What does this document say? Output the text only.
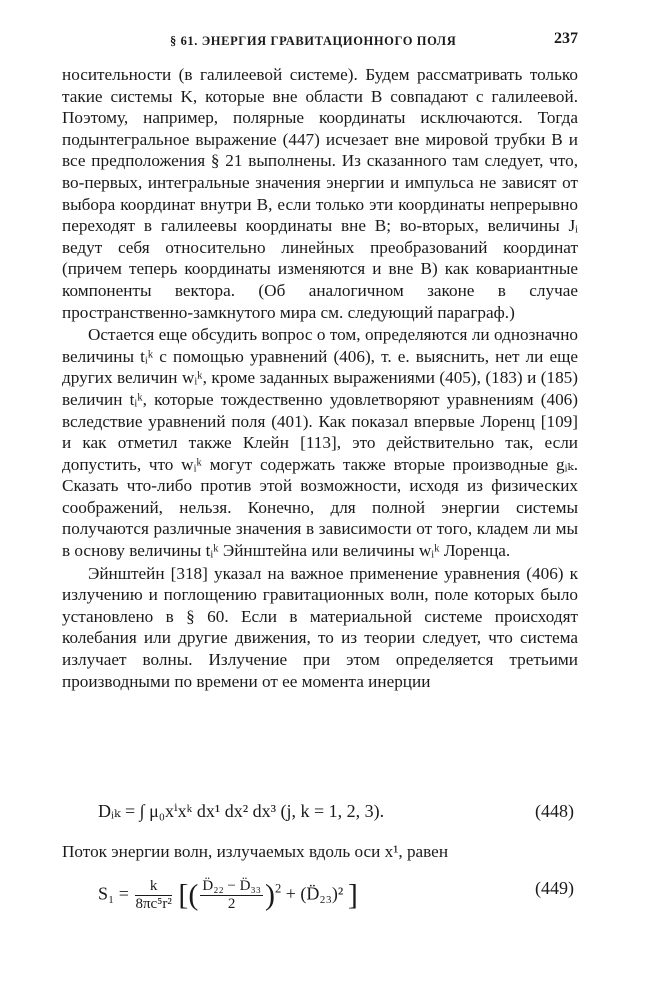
§ 61. ЭНЕРГИЯ ГРАВИТАЦИОННОГО ПОЛЯ	237

носительности (в галилеевой системе). Будем рассматривать только такие системы K, которые вне области B совпадают с галилеевой. Поэтому, например, полярные координаты исключаются. Тогда подынтегральное выражение (447) исчезает вне мировой трубки B и все предположения § 21 выполнены. Из сказанного там следует, что, во-первых, интегральные значения энергии и импульса не зависят от выбора координат внутри B, если только эти координаты непрерывно переходят в галилеевы координаты вне B; во-вторых, величины Jᵢ ведут себя относительно линейных преобразований координат (причем теперь координаты изменяются и вне B) как ковариантные компоненты вектора. (Об аналогичном законе в случае пространственно-замкнутого мира см. следующий параграф.)

Остается еще обсудить вопрос о том, определяются ли однозначно величины tᵢᵏ с помощью уравнений (406), т. е. выяснить, нет ли еще других величин wᵢᵏ, кроме заданных выражениями (405), (183) и (185) величин tᵢᵏ, которые тождественно удовлетворяют уравнениям (406) вследствие уравнений поля (401). Как показал впервые Лоренц [109] и как отметил также Клейн [113], это действительно так, если допустить, что wᵢᵏ могут содержать также вторые производные gᵢₖ. Сказать что-либо против этой возможности, исходя из физических соображений, нельзя. Конечно, для полной энергии системы получаются различные значения в зависимости от того, кладем ли мы в основу величины tᵢᵏ Эйнштейна или величины wᵢᵏ Лоренца.

Эйнштейн [318] указал на важное применение уравнения (406) к излучению и поглощению гравитационных волн, поле которых было установлено в § 60. Если в материальной системе происходят колебания или другие движения, то из теории следует, что система излучает волны. Излучение при этом определяется третьими производными по времени от ее момента инерции

Dᵢₖ = ∫ μ₀xⁱxᵏ dx¹ dx² dx³ (j, k = 1, 2, 3).	(448)
Поток энергии волн, излучаемых вдоль оси x¹, равен
$S_1 = \frac{k}{\text{8πc⁵r²}}$ [( $\frac{\text{D̈₂₂ − D̈₃₃}}{2} )^2$ + (D̈₂₃)² ]	(449)
